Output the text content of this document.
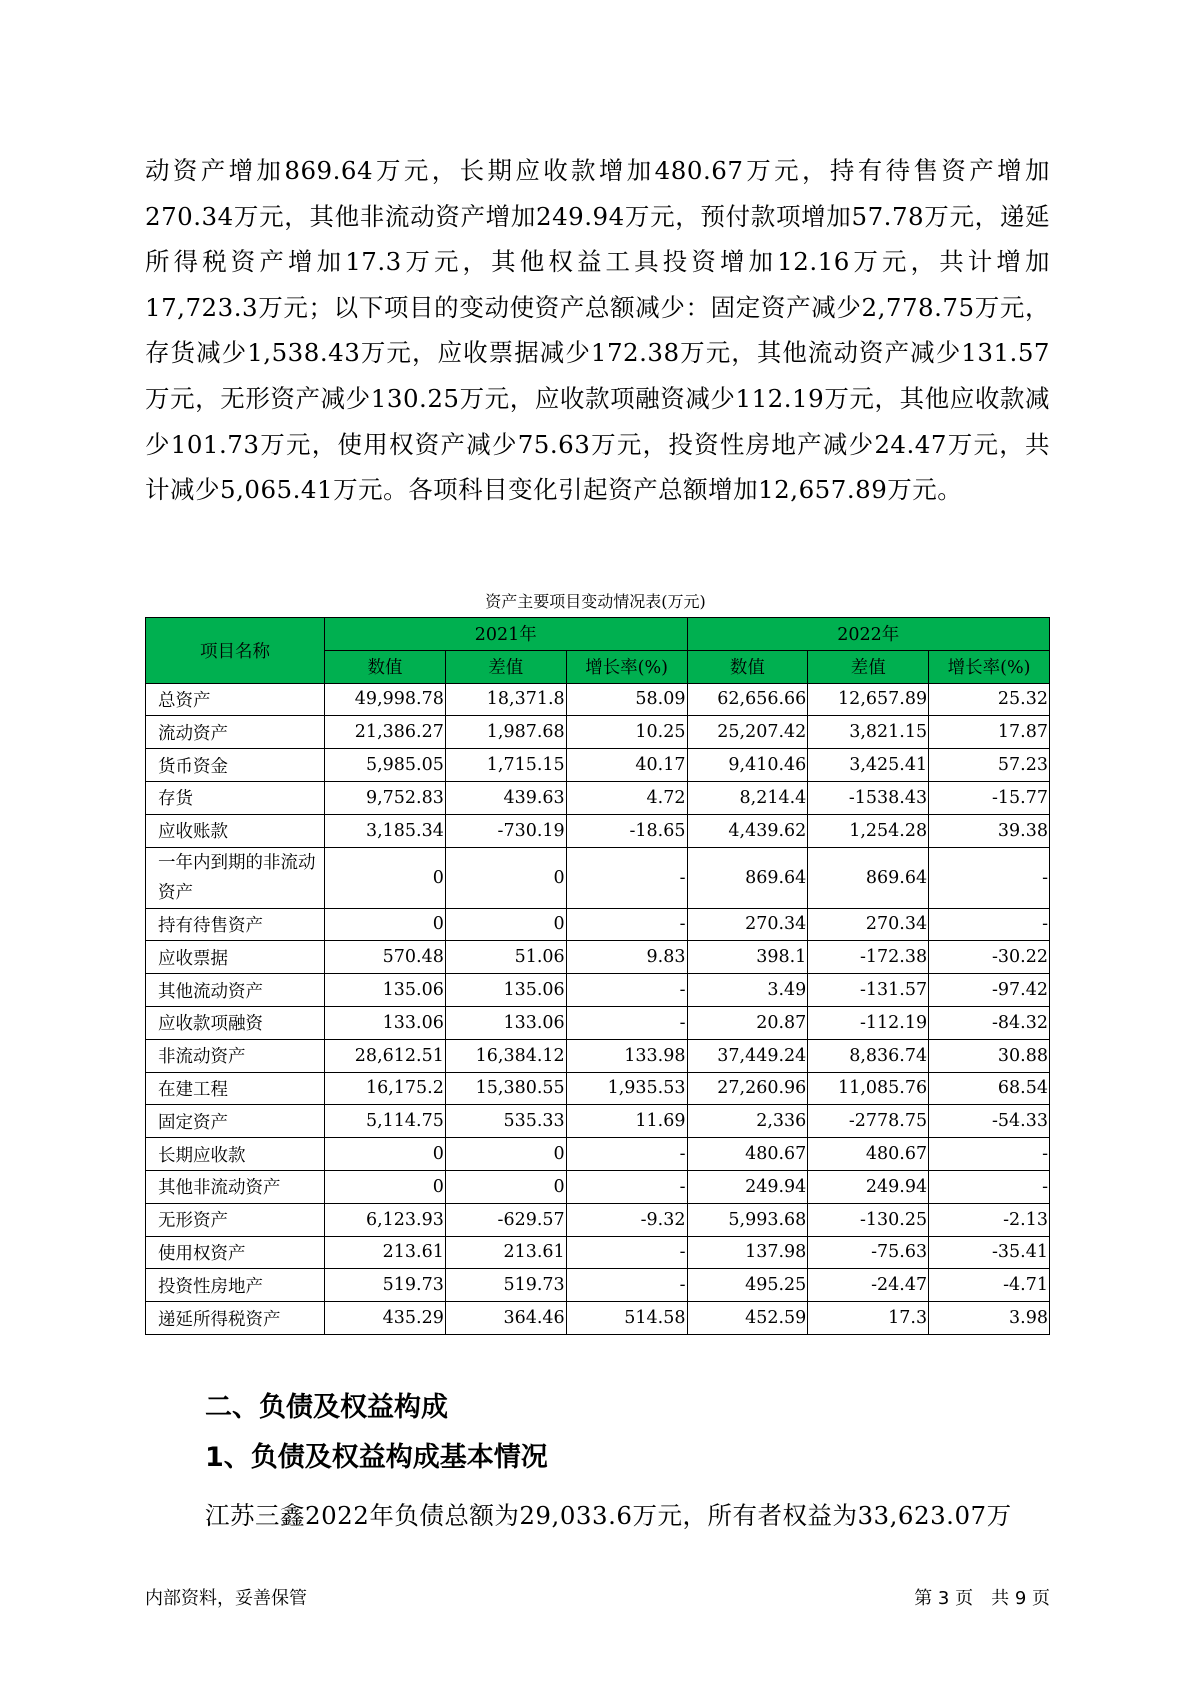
动资产增加869.64万元，长期应收款增加480.67万元，持有待售资产增加270.34万元，其他非流动资产增加249.94万元，预付款项增加57.78万元，递延所得税资产增加17.3万元，其他权益工具投资增加12.16万元，共计增加17,723.3万元；以下项目的变动使资产总额减少：固定资产减少2,778.75万元，存货减少1,538.43万元，应收票据减少172.38万元，其他流动资产减少131.57万元，无形资产减少130.25万元，应收款项融资减少112.19万元，其他应收款减少101.73万元，使用权资产减少75.63万元，投资性房地产减少24.47万元，共计减少5,065.41万元。各项科目变化引起资产总额增加12,657.89万元。

资产主要项目变动情况表(万元)
项目名称	2021年			2022年		
	数值	差值	增长率(%)	数值	差值	增长率(%)
总资产	49,998.78	18,371.8	58.09	62,656.66	12,657.89	25.32
流动资产	21,386.27	1,987.68	10.25	25,207.42	3,821.15	17.87
货币资金	5,985.05	1,715.15	40.17	9,410.46	3,425.41	57.23
存货	9,752.83	439.63	4.72	8,214.4	-1538.43	-15.77
应收账款	3,185.34	-730.19	-18.65	4,439.62	1,254.28	39.38
一年内到期的非流动资产	0	0	-	869.64	869.64	-
持有待售资产	0	0	-	270.34	270.34	-
应收票据	570.48	51.06	9.83	398.1	-172.38	-30.22
其他流动资产	135.06	135.06	-	3.49	-131.57	-97.42
应收款项融资	133.06	133.06	-	20.87	-112.19	-84.32
非流动资产	28,612.51	16,384.12	133.98	37,449.24	8,836.74	30.88
在建工程	16,175.2	15,380.55	1,935.53	27,260.96	11,085.76	68.54
固定资产	5,114.75	535.33	11.69	2,336	-2778.75	-54.33
长期应收款	0	0	-	480.67	480.67	-
其他非流动资产	0	0	-	249.94	249.94	-
无形资产	6,123.93	-629.57	-9.32	5,993.68	-130.25	-2.13
使用权资产	213.61	213.61	-	137.98	-75.63	-35.41
投资性房地产	519.73	519.73	-	495.25	-24.47	-4.71
递延所得税资产	435.29	364.46	514.58	452.59	17.3	3.98
二、负债及权益构成
1、负债及权益构成基本情况

江苏三鑫2022年负债总额为29,033.6万元，所有者权益为33,623.07万

内部资料，妥善保管	第 3 页　共 9 页
